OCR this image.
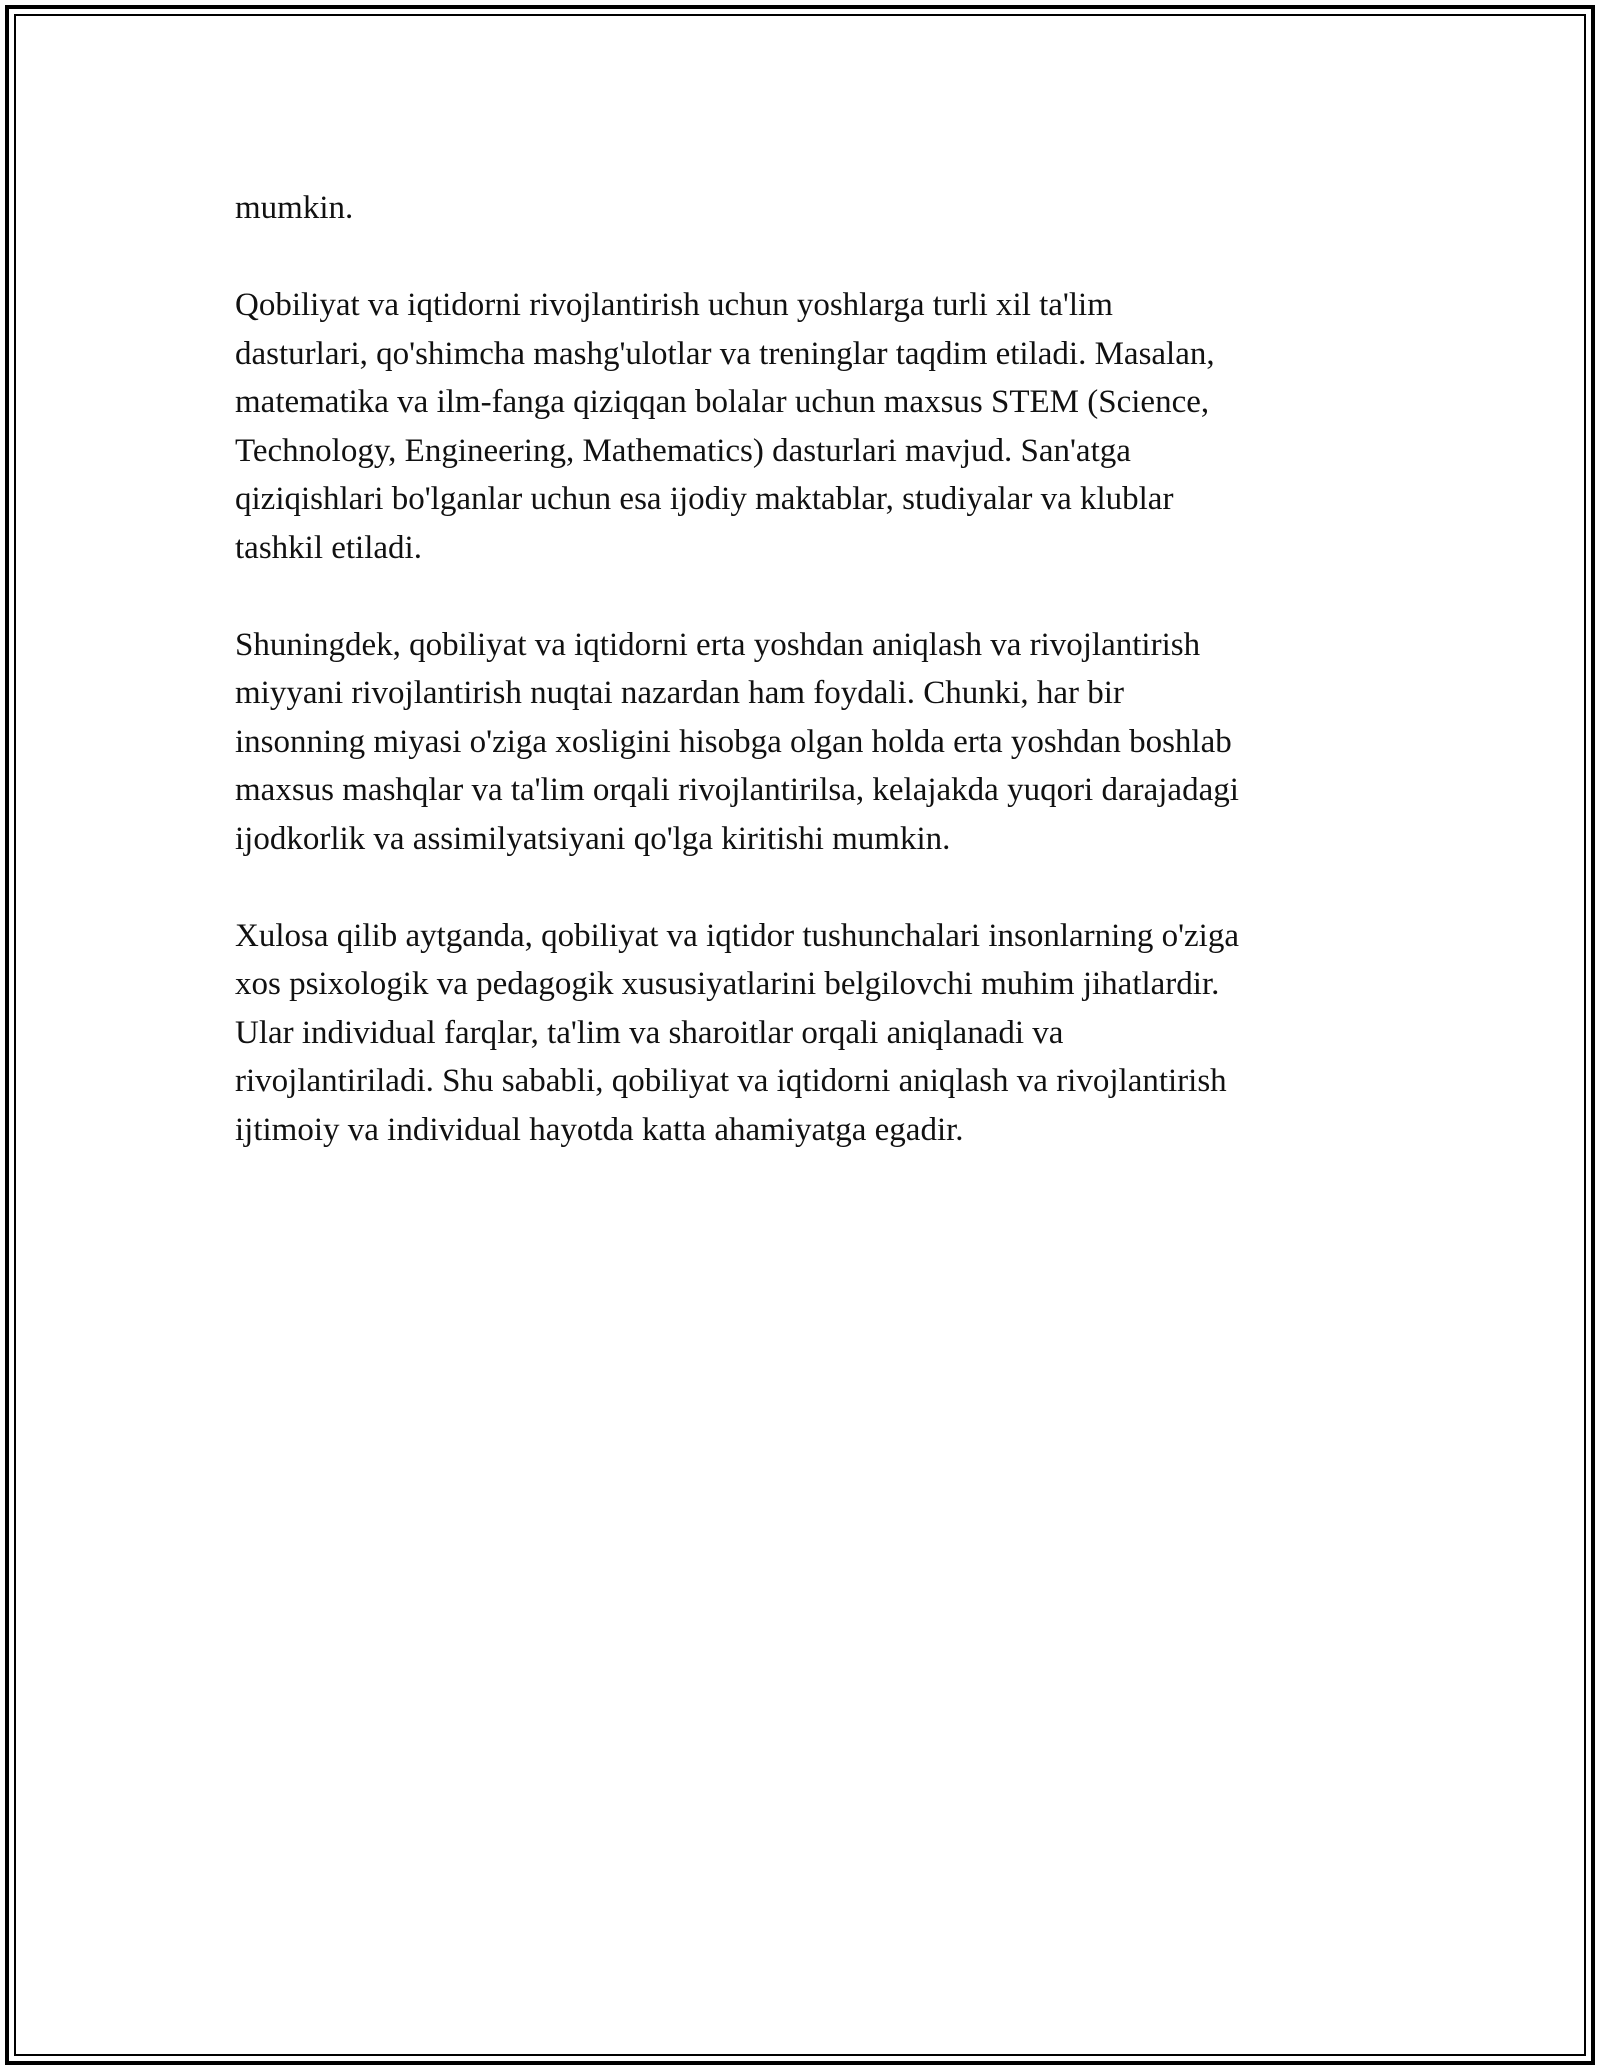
mumkin.

Qobiliyat va iqtidorni rivojlantirish uchun yoshlarga turli xil ta'lim
dasturlari, qo'shimcha mashg'ulotlar va treninglar taqdim etiladi. Masalan,
matematika va ilm-fanga qiziqqan bolalar uchun maxsus STEM (Science,
Technology, Engineering, Mathematics) dasturlari mavjud. San'atga
qiziqishlari bo'lganlar uchun esa ijodiy maktablar, studiyalar va klublar
tashkil etiladi.

Shuningdek, qobiliyat va iqtidorni erta yoshdan aniqlash va rivojlantirish
miyyani rivojlantirish nuqtai nazardan ham foydali. Chunki, har bir
insonning miyasi o'ziga xosligini hisobga olgan holda erta yoshdan boshlab
maxsus mashqlar va ta'lim orqali rivojlantirilsa, kelajakda yuqori darajadagi
ijodkorlik va assimilyatsiyani qo'lga kiritishi mumkin.

Xulosa qilib aytganda, qobiliyat va iqtidor tushunchalari insonlarning o'ziga
xos psixologik va pedagogik xususiyatlarini belgilovchi muhim jihatlardir.
Ular individual farqlar, ta'lim va sharoitlar orqali aniqlanadi va
rivojlantiriladi. Shu sababli, qobiliyat va iqtidorni aniqlash va rivojlantirish
ijtimoiy va individual hayotda katta ahamiyatga egadir.
